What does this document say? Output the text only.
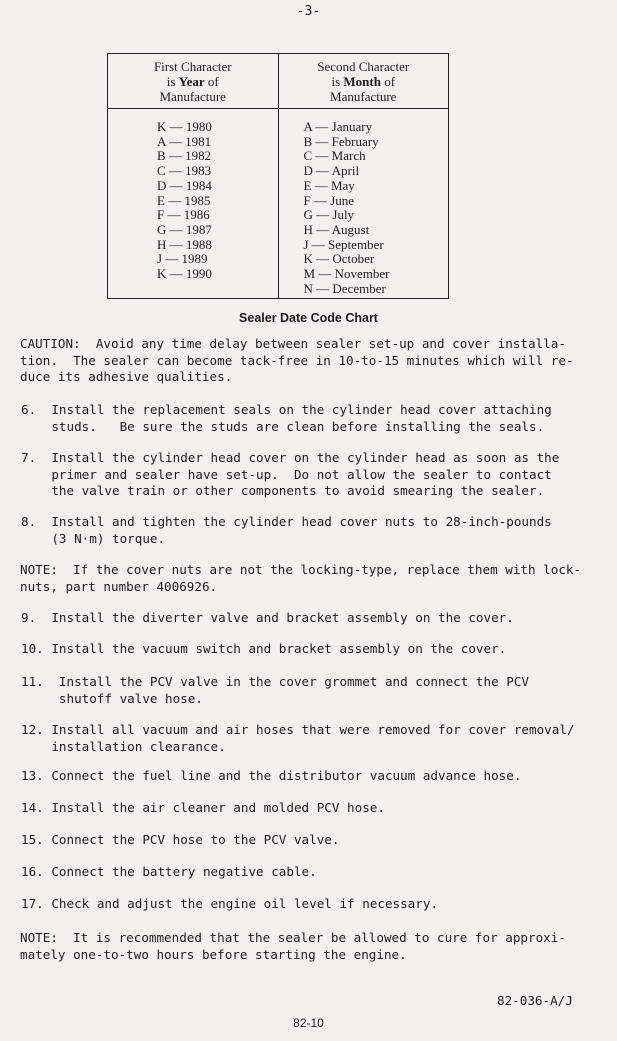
-3-
First Character
is Year of
Manufacture
K — 1980
A — 1981
B — 1982
C — 1983
D — 1984
E — 1985
F — 1986
G — 1987
H — 1988
J — 1989
K — 1990
Second Character
is Month of
Manufacture
A — January
B — February
C — March
D — April
E — May
F — June
G — July
H — August
J — September
K — October
M — November
N — December
Sealer Date Code Chart
CAUTION:  Avoid any time delay between sealer set-up and cover installa-
tion.  The sealer can become tack-free in 10-to-15 minutes which will re-
duce its adhesive qualities.
6.  Install the replacement seals on the cylinder head cover attaching
studs.   Be sure the studs are clean before installing the seals.
7.  Install the cylinder head cover on the cylinder head as soon as the
primer and sealer have set-up.  Do not allow the sealer to contact
the valve train or other components to avoid smearing the sealer.
8.  Install and tighten the cylinder head cover nuts to 28-inch-pounds
(3 N·m) torque.
NOTE:  If the cover nuts are not the locking-type, replace them with lock-
nuts, part number 4006926.
9.  Install the diverter valve and bracket assembly on the cover.
10. Install the vacuum switch and bracket assembly on the cover.
11.  Install the PCV valve in the cover grommet and connect the PCV
shutoff valve hose.
12. Install all vacuum and air hoses that were removed for cover removal/
installation clearance.
13. Connect the fuel line and the distributor vacuum advance hose.
14. Install the air cleaner and molded PCV hose.
15. Connect the PCV hose to the PCV valve.
16. Connect the battery negative cable.
17. Check and adjust the engine oil level if necessary.
NOTE:  It is recommended that the sealer be allowed to cure for approxi-
mately one-to-two hours before starting the engine.
82-036-A/J
82-10
